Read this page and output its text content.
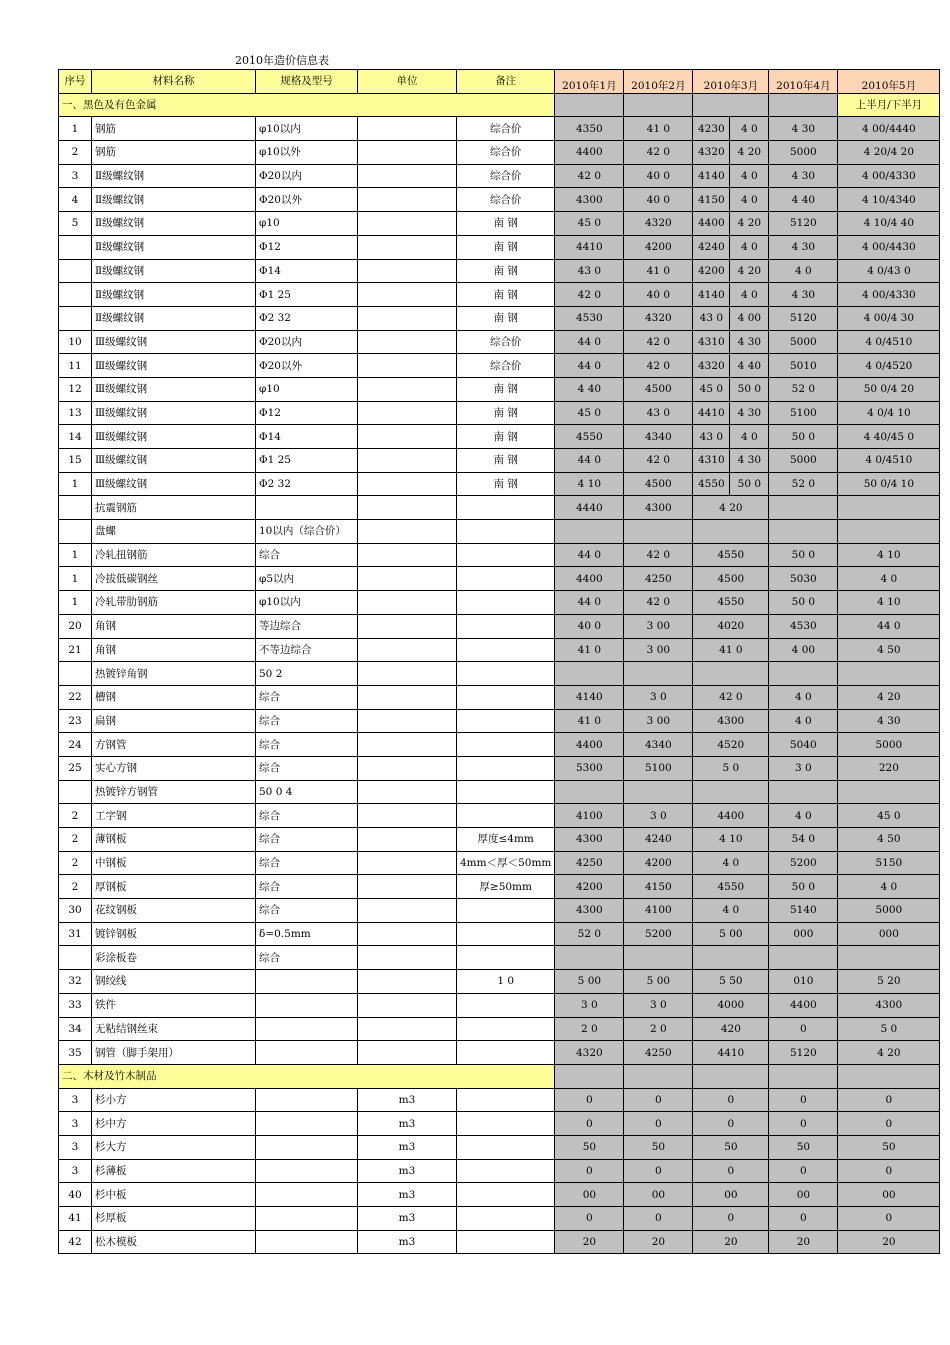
2010年造价信息表
序号	材料名称	规格及型号	单位	备注	2010年1月	2010年2月	2010年3月		2010年4月	2010年5月
一、黑色及有色金属										上半月/下半月
1	钢筋	φ10以内		综合价	4350	41 0	4230	4 0	4 30	4 00/4440
2	钢筋	φ10以外		综合价	4400	42 0	4320	4 20	5000	4 20/4 20
3	Ⅱ级螺纹钢	Φ20以内		综合价	42 0	40 0	4140	4 0	4 30	4 00/4330
4	Ⅱ级螺纹钢	Φ20以外		综合价	4300	40 0	4150	4 0	4 40	4 10/4340
5	Ⅱ级螺纹钢	φ10		南 钢	45 0	4320	4400	4 20	5120	4 10/4 40
	Ⅱ级螺纹钢	Φ12		南 钢	4410	4200	4240	4 0	4 30	4 00/4430
	Ⅱ级螺纹钢	Φ14		南 钢	43 0	41 0	4200	4 20	4 0	4 0/43 0
	Ⅱ级螺纹钢	Φ1 25		南 钢	42 0	40 0	4140	4 0	4 30	4 00/4330
	Ⅱ级螺纹钢	Φ2 32		南 钢	4530	4320	43 0	4 00	5120	4 00/4 30
10	Ⅲ级螺纹钢	Φ20以内		综合价	44 0	42 0	4310	4 30	5000	4 0/4510
11	Ⅲ级螺纹钢	Φ20以外		综合价	44 0	42 0	4320	4 40	5010	4 0/4520
12	Ⅲ级螺纹钢	φ10		南 钢	4 40	4500	45 0	50 0	52 0	50 0/4 20
13	Ⅲ级螺纹钢	Φ12		南 钢	45 0	43 0	4410	4 30	5100	4 0/4 10
14	Ⅲ级螺纹钢	Φ14		南 钢	4550	4340	43 0	4 0	50 0	4 40/45 0
15	Ⅲ级螺纹钢	Φ1 25		南 钢	44 0	42 0	4310	4 30	5000	4 0/4510
1	Ⅲ级螺纹钢	Φ2 32		南 钢	4 10	4500	4550	50 0	52 0	50 0/4 10
	抗震钢筋				4440	4300	4 20			
	盘螺	10以内（综合价）								
1	冷轧扭钢筋	综合			44 0	42 0	4550		50 0	4 10
1	冷拔低碳钢丝	φ5以内			4400	4250	4500		5030	4 0
1	冷轧带肋钢筋	φ10以内			44 0	42 0	4550		50 0	4 10
20	角钢	等边综合			40 0	3 00	4020		4530	44 0
21	角钢	不等边综合			41 0	3 00	41 0		4 00	4 50
	热镀锌角钢	50 2								
22	槽钢	综合			4140	3 0	42 0		4 0	4 20
23	扁钢	综合			41 0	3 00	4300		4 0	4 30
24	方钢管	综合			4400	4340	4520		5040	5000
25	实心方钢	综合			5300	5100	5 0		3 0	220
	热镀锌方钢管	50 0 4								
2	工字钢	综合			4100	3 0	4400		4 0	45 0
2	薄钢板	综合		厚度≤4mm	4300	4240	4 10		54 0	4 50
2	中钢板	综合		4mm＜厚＜50mm	4250	4200	4 0		5200	5150
2	厚钢板	综合		厚≥50mm	4200	4150	4550		50 0	4 0
30	花纹钢板	综合			4300	4100	4 0		5140	5000
31	镀锌钢板	δ=0.5mm			52 0	5200	5 00		000	000
	彩涂板卷	综合								
32	钢绞线			1 0	5 00	5 00	5 50		010	5 20
33	铁件				3 0	3 0	4000		4400	4300
34	无粘结钢丝束				2 0	2 0	420		0	5 0
35	钢管（脚手架用）				4320	4250	4410		5120	4 20
二、木材及竹木制品										
3	杉小方		m3		0	0	0		0	0
3	杉中方		m3		0	0	0		0	0
3	杉大方		m3		50	50	50		50	50
3	杉薄板		m3		0	0	0		0	0
40	杉中板		m3		00	00	00		00	00
41	杉厚板		m3		0	0	0		0	0
42	松木模板		m3		20	20	20		20	20
